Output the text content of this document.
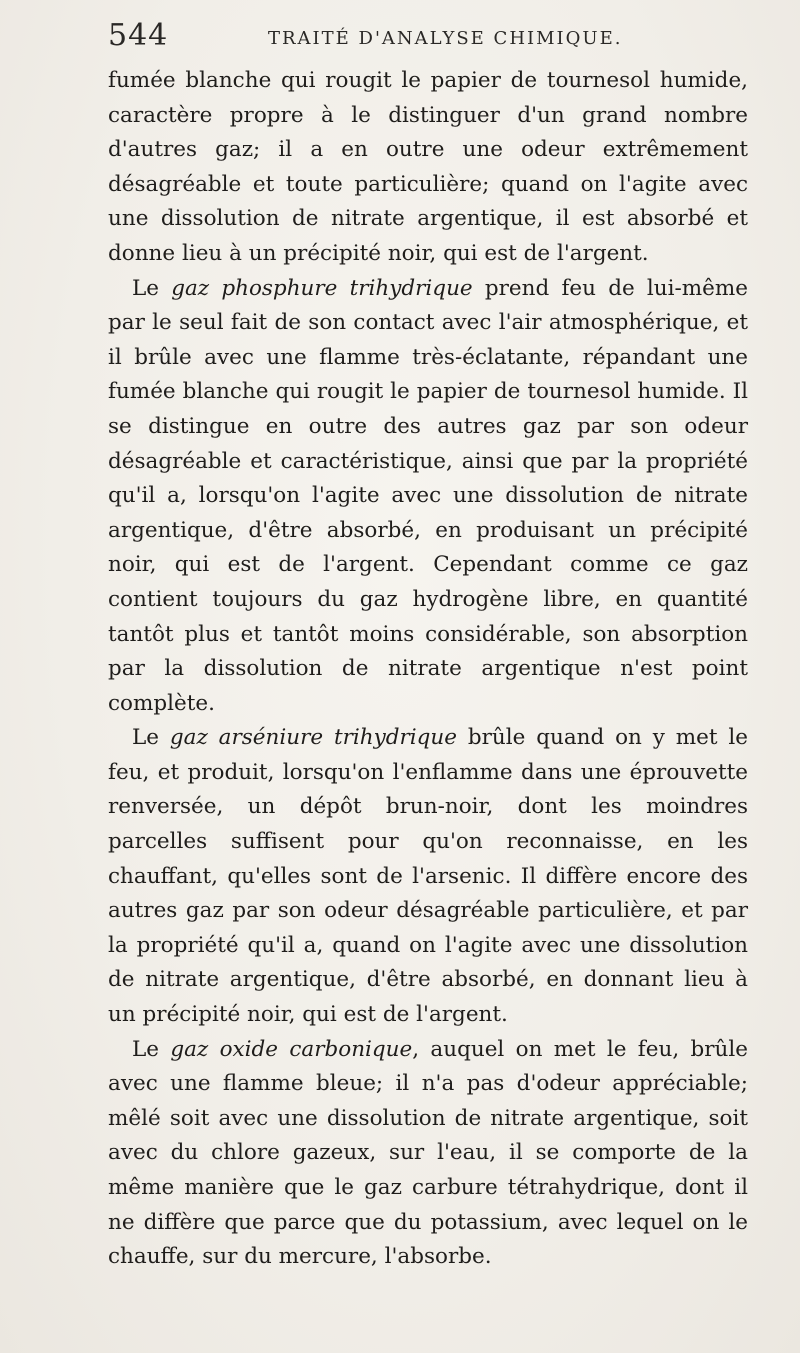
544	TRAITÉ D'ANALYSE CHIMIQUE.

fumée blanche qui rougit le papier de tournesol humide, caractère propre à le distinguer d'un grand nombre d'autres gaz; il a en outre une odeur extrêmement désagréable et toute particulière; quand on l'agite avec une dissolution de nitrate argentique, il est absorbé et donne lieu à un précipité noir, qui est de l'argent.

Le gaz phosphure trihydrique prend feu de lui-même par le seul fait de son contact avec l'air atmosphérique, et il brûle avec une flamme très-éclatante, répandant une fumée blanche qui rougit le papier de tournesol humide. Il se distingue en outre des autres gaz par son odeur désagréable et caractéristique, ainsi que par la propriété qu'il a, lorsqu'on l'agite avec une dissolution de nitrate argentique, d'être absorbé, en produisant un précipité noir, qui est de l'argent. Cependant comme ce gaz contient toujours du gaz hydrogène libre, en quantité tantôt plus et tantôt moins considérable, son absorption par la dissolution de nitrate argentique n'est point complète.

Le gaz arséniure trihydrique brûle quand on y met le feu, et produit, lorsqu'on l'enflamme dans une éprouvette renversée, un dépôt brun-noir, dont les moindres parcelles suffisent pour qu'on reconnaisse, en les chauffant, qu'elles sont de l'arsenic. Il diffère encore des autres gaz par son odeur désagréable particulière, et par la propriété qu'il a, quand on l'agite avec une dissolution de nitrate argentique, d'être absorbé, en donnant lieu à un précipité noir, qui est de l'argent.

Le gaz oxide carbonique, auquel on met le feu, brûle avec une flamme bleue; il n'a pas d'odeur appréciable; mêlé soit avec une dissolution de nitrate argentique, soit avec du chlore gazeux, sur l'eau, il se comporte de la même manière que le gaz carbure tétrahydrique, dont il ne diffère que parce que du potassium, avec lequel on le chauffe, sur du mercure, l'absorbe.
